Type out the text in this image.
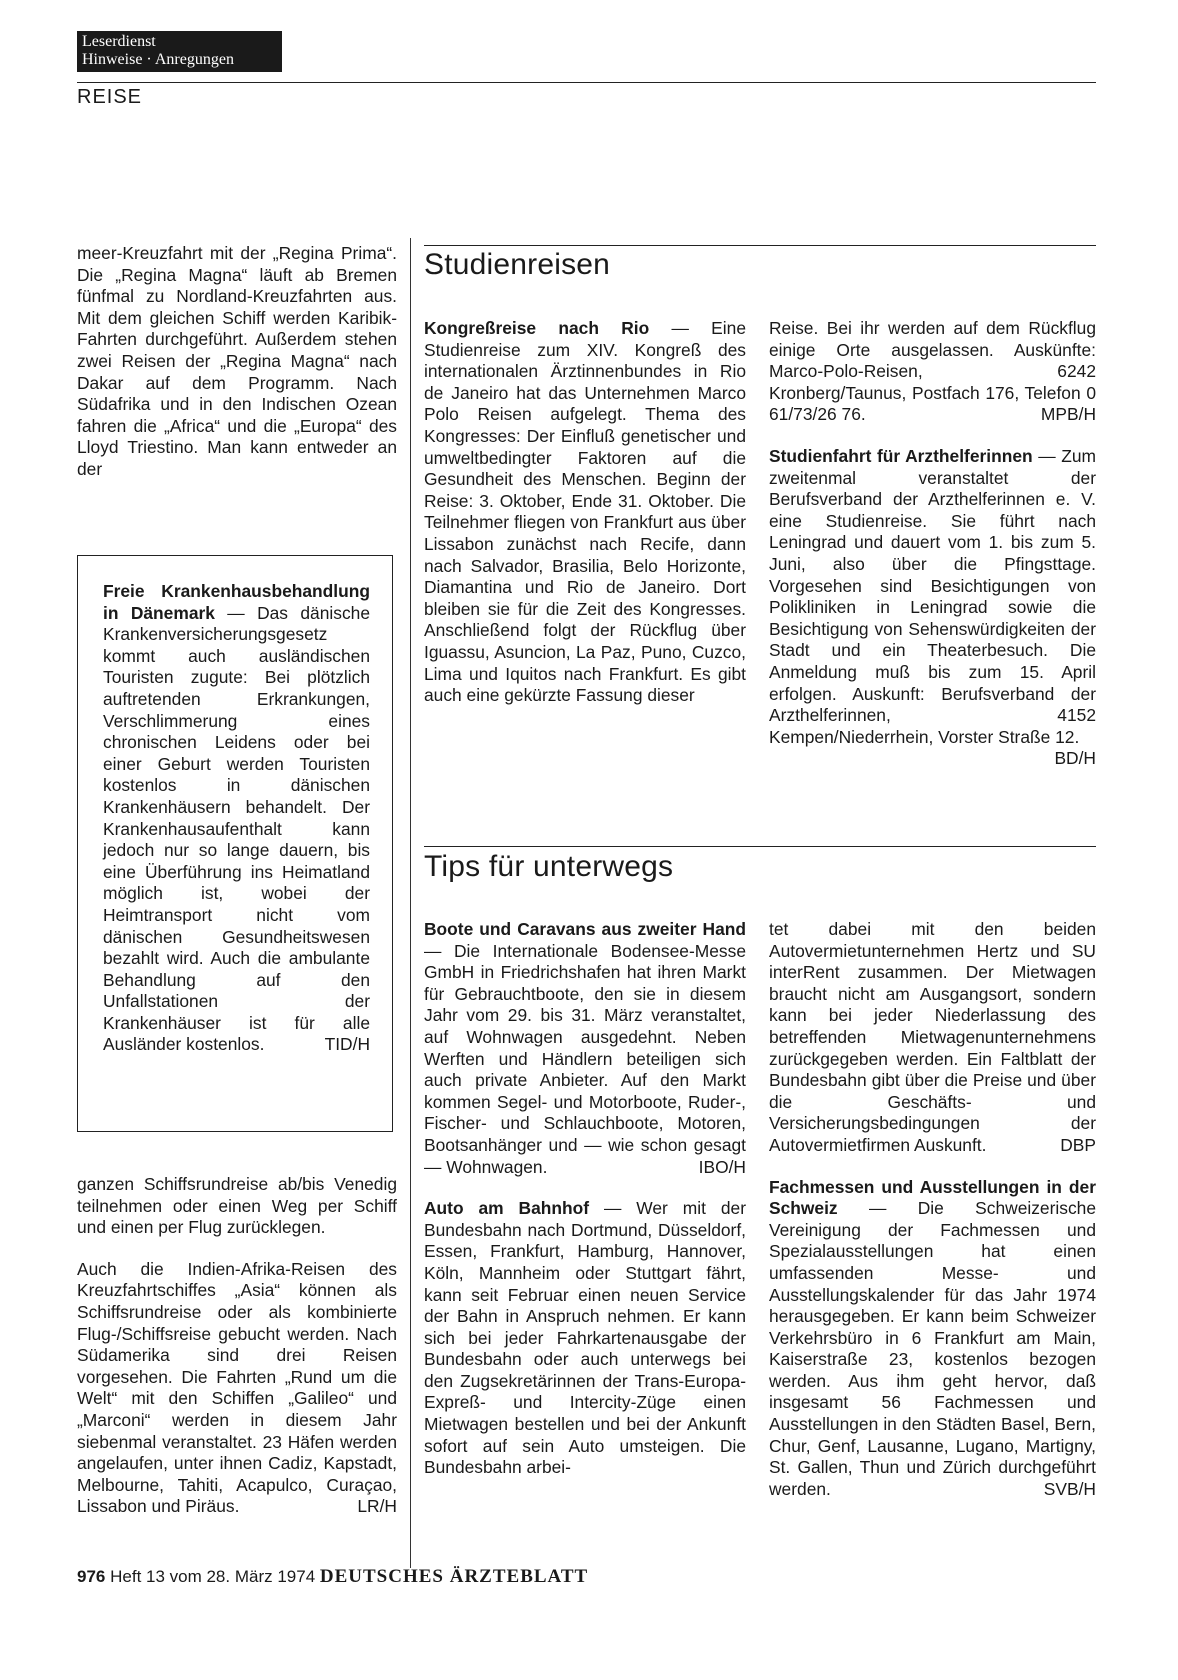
Leserdienst
Hinweise · Anregungen
REISE

meer-Kreuzfahrt mit der „Regina Prima“. Die „Regina Magna“ läuft ab Bremen fünfmal zu Nordland-Kreuzfahrten aus. Mit dem gleichen Schiff werden Karibik-Fahrten durchgeführt. Außerdem stehen zwei Reisen der „Regina Magna“ nach Dakar auf dem Programm. Nach Südafrika und in den Indischen Ozean fahren die „Africa“ und die „Europa“ des Lloyd Triestino. Man kann entweder an der

Freie Krankenhausbehandlung in Dänemark — Das dänische Krankenversicherungsgesetz kommt auch ausländischen Touristen zugute: Bei plötzlich auftretenden Erkrankungen, Verschlimmerung eines chronischen Leidens oder bei einer Geburt werden Touristen kostenlos in dänischen Krankenhäusern behandelt. Der Krankenhausaufenthalt kann jedoch nur so lange dauern, bis eine Überführung ins Heimatland möglich ist, wobei der Heimtransport nicht vom dänischen Gesundheitswesen bezahlt wird. Auch die ambulante Behandlung auf den Unfallstationen der Krankenhäuser ist für alle Ausländer kostenlos.	TID/H

ganzen Schiffsrundreise ab/bis Venedig teilnehmen oder einen Weg per Schiff und einen per Flug zurücklegen.

Auch die Indien-Afrika-Reisen des Kreuzfahrtschiffes „Asia“ können als Schiffsrundreise oder als kombinierte Flug-/Schiffsreise gebucht werden. Nach Südamerika sind drei Reisen vorgesehen. Die Fahrten „Rund um die Welt“ mit den Schiffen „Galileo“ und „Marconi“ werden in diesem Jahr siebenmal veranstaltet. 23 Häfen werden angelaufen, unter ihnen Cadiz, Kapstadt, Melbourne, Tahiti, Acapulco, Curaçao, Lissabon und Piräus.	LR/H

Studienreisen

Kongreßreise nach Rio — Eine Studienreise zum XIV. Kongreß des internationalen Ärztinnenbundes in Rio de Janeiro hat das Unternehmen Marco Polo Reisen aufgelegt. Thema des Kongresses: Der Einfluß genetischer und umweltbedingter Faktoren auf die Gesundheit des Menschen. Beginn der Reise: 3. Oktober, Ende 31. Oktober. Die Teilnehmer fliegen von Frankfurt aus über Lissabon zunächst nach Recife, dann nach Salvador, Brasilia, Belo Horizonte, Diamantina und Rio de Janeiro. Dort bleiben sie für die Zeit des Kongresses. Anschließend folgt der Rückflug über Iguassu, Asuncion, La Paz, Puno, Cuzco, Lima und Iquitos nach Frankfurt. Es gibt auch eine gekürzte Fassung dieser

Reise. Bei ihr werden auf dem Rückflug einige Orte ausgelassen. Auskünfte: Marco-Polo-Reisen, 6242 Kronberg/Taunus, Postfach 176, Telefon 0 61/73/26 76.	MPB/H

Studienfahrt für Arzthelferinnen — Zum zweitenmal veranstaltet der Berufsverband der Arzthelferinnen e. V. eine Studienreise. Sie führt nach Leningrad und dauert vom 1. bis zum 5. Juni, also über die Pfingsttage. Vorgesehen sind Besichtigungen von Polikliniken in Leningrad sowie die Besichtigung von Sehenswürdigkeiten der Stadt und ein Theaterbesuch. Die Anmeldung muß bis zum 15. April erfolgen. Auskunft: Berufsverband der Arzthelferinnen, 4152 Kempen/Niederrhein, Vorster Straße 12.
BD/H

Tips für unterwegs

Boote und Caravans aus zweiter Hand — Die Internationale Bodensee-Messe GmbH in Friedrichshafen hat ihren Markt für Gebrauchtboote, den sie in diesem Jahr vom 29. bis 31. März veranstaltet, auf Wohnwagen ausgedehnt. Neben Werften und Händlern beteiligen sich auch private Anbieter. Auf den Markt kommen Segel- und Motorboote, Ruder-, Fischer- und Schlauchboote, Motoren, Bootsanhänger und — wie schon gesagt — Wohnwagen.	IBO/H

Auto am Bahnhof — Wer mit der Bundesbahn nach Dortmund, Düsseldorf, Essen, Frankfurt, Hamburg, Hannover, Köln, Mannheim oder Stuttgart fährt, kann seit Februar einen neuen Service der Bahn in Anspruch nehmen. Er kann sich bei jeder Fahrkartenausgabe der Bundesbahn oder auch unterwegs bei den Zugsekretärinnen der Trans-Europa-Expreß- und Intercity-Züge einen Mietwagen bestellen und bei der Ankunft sofort auf sein Auto umsteigen. Die Bundesbahn arbei-

tet dabei mit den beiden Autovermietunternehmen Hertz und SU interRent zusammen. Der Mietwagen braucht nicht am Ausgangsort, sondern kann bei jeder Niederlassung des betreffenden Mietwagenunternehmens zurückgegeben werden. Ein Faltblatt der Bundesbahn gibt über die Preise und über die Geschäfts- und Versicherungsbedingungen der Autovermietfirmen Auskunft.	DBP

Fachmessen und Ausstellungen in der Schweiz — Die Schweizerische Vereinigung der Fachmessen und Spezialausstellungen hat einen umfassenden Messe- und Ausstellungskalender für das Jahr 1974 herausgegeben. Er kann beim Schweizer Verkehrsbüro in 6 Frankfurt am Main, Kaiserstraße 23, kostenlos bezogen werden. Aus ihm geht hervor, daß insgesamt 56 Fachmessen und Ausstellungen in den Städten Basel, Bern, Chur, Genf, Lausanne, Lugano, Martigny, St. Gallen, Thun und Zürich durchgeführt werden.	SVB/H

976 Heft 13 vom 28. März 1974 DEUTSCHES ÄRZTEBLATT
